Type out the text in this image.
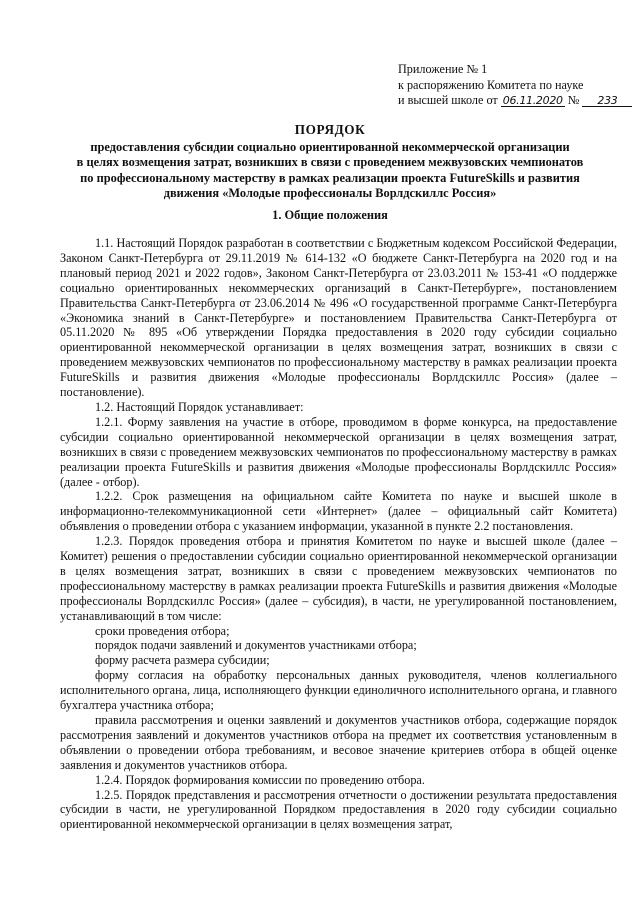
Приложение № 1
к распоряжению Комитета по науке
и высшей школе от 06.11.2020 № 233
ПОРЯДОК
предоставления субсидии социально ориентированной некоммерческой организации
в целях возмещения затрат, возникших в связи с проведением межвузовских чемпионатов
по профессиональному мастерству в рамках реализации проекта FutureSkills и развития
движения «Молодые профессионалы Ворлдскиллс Россия»
1. Общие положения

1.1. Настоящий Порядок разработан в соответствии с Бюджетным кодексом Российской Федерации, Законом Санкт-Петербурга от 29.11.2019 № 614-132 «О бюджете Санкт-Петербурга на 2020 год и на плановый период 2021 и 2022 годов», Законом Санкт-Петербурга от 23.03.2011 № 153-41 «О поддержке социально ориентированных некоммерческих организаций в Санкт-Петербурге», постановлением Правительства Санкт-Петербурга от 23.06.2014 № 496 «О государственной программе Санкт-Петербурга «Экономика знаний в Санкт-Петербурге» и постановлением Правительства Санкт-Петербурга от 05.11.2020 № 895 «Об утверждении Порядка предоставления в 2020 году субсидии социально ориентированной некоммерческой организации в целях возмещения затрат, возникших в связи с проведением межвузовских чемпионатов по профессиональному мастерству в рамках реализации проекта FutureSkills и развития движения «Молодые профессионалы Ворлдскиллс Россия» (далее – постановление).

1.2. Настоящий Порядок устанавливает:

1.2.1. Форму заявления на участие в отборе, проводимом в форме конкурса, на предоставление субсидии социально ориентированной некоммерческой организации в целях возмещения затрат, возникших в связи с проведением межвузовских чемпионатов по профессиональному мастерству в рамках реализации проекта FutureSkills и развития движения «Молодые профессионалы Ворлдскиллс Россия» (далее - отбор).

1.2.2. Срок размещения на официальном сайте Комитета по науке и высшей школе в информационно-телекоммуникационной сети «Интернет» (далее – официальный сайт Комитета) объявления о проведении отбора с указанием информации, указанной в пункте 2.2 постановления.

1.2.3. Порядок проведения отбора и принятия Комитетом по науке и высшей школе (далее – Комитет) решения о предоставлении субсидии социально ориентированной некоммерческой организации в целях возмещения затрат, возникших в связи с проведением межвузовских чемпионатов по профессиональному мастерству в рамках реализации проекта FutureSkills и развития движения «Молодые профессионалы Ворлдскиллс Россия» (далее – субсидия), в части, не урегулированной постановлением, устанавливающий в том числе:

сроки проведения отбора;

порядок подачи заявлений и документов участниками отбора;

форму расчета размера субсидии;

форму согласия на обработку персональных данных руководителя, членов коллегиального исполнительного органа, лица, исполняющего функции единоличного исполнительного органа, и главного бухгалтера участника отбора;

правила рассмотрения и оценки заявлений и документов участников отбора, содержащие порядок рассмотрения заявлений и документов участников отбора на предмет их соответствия установленным в объявлении о проведении отбора требованиям, и весовое значение критериев отбора в общей оценке заявления и документов участников отбора.

1.2.4. Порядок формирования комиссии по проведению отбора.

1.2.5. Порядок представления и рассмотрения отчетности о достижении результата предоставления субсидии в части, не урегулированной Порядком предоставления в 2020 году субсидии социально ориентированной некоммерческой организации в целях возмещения затрат,
